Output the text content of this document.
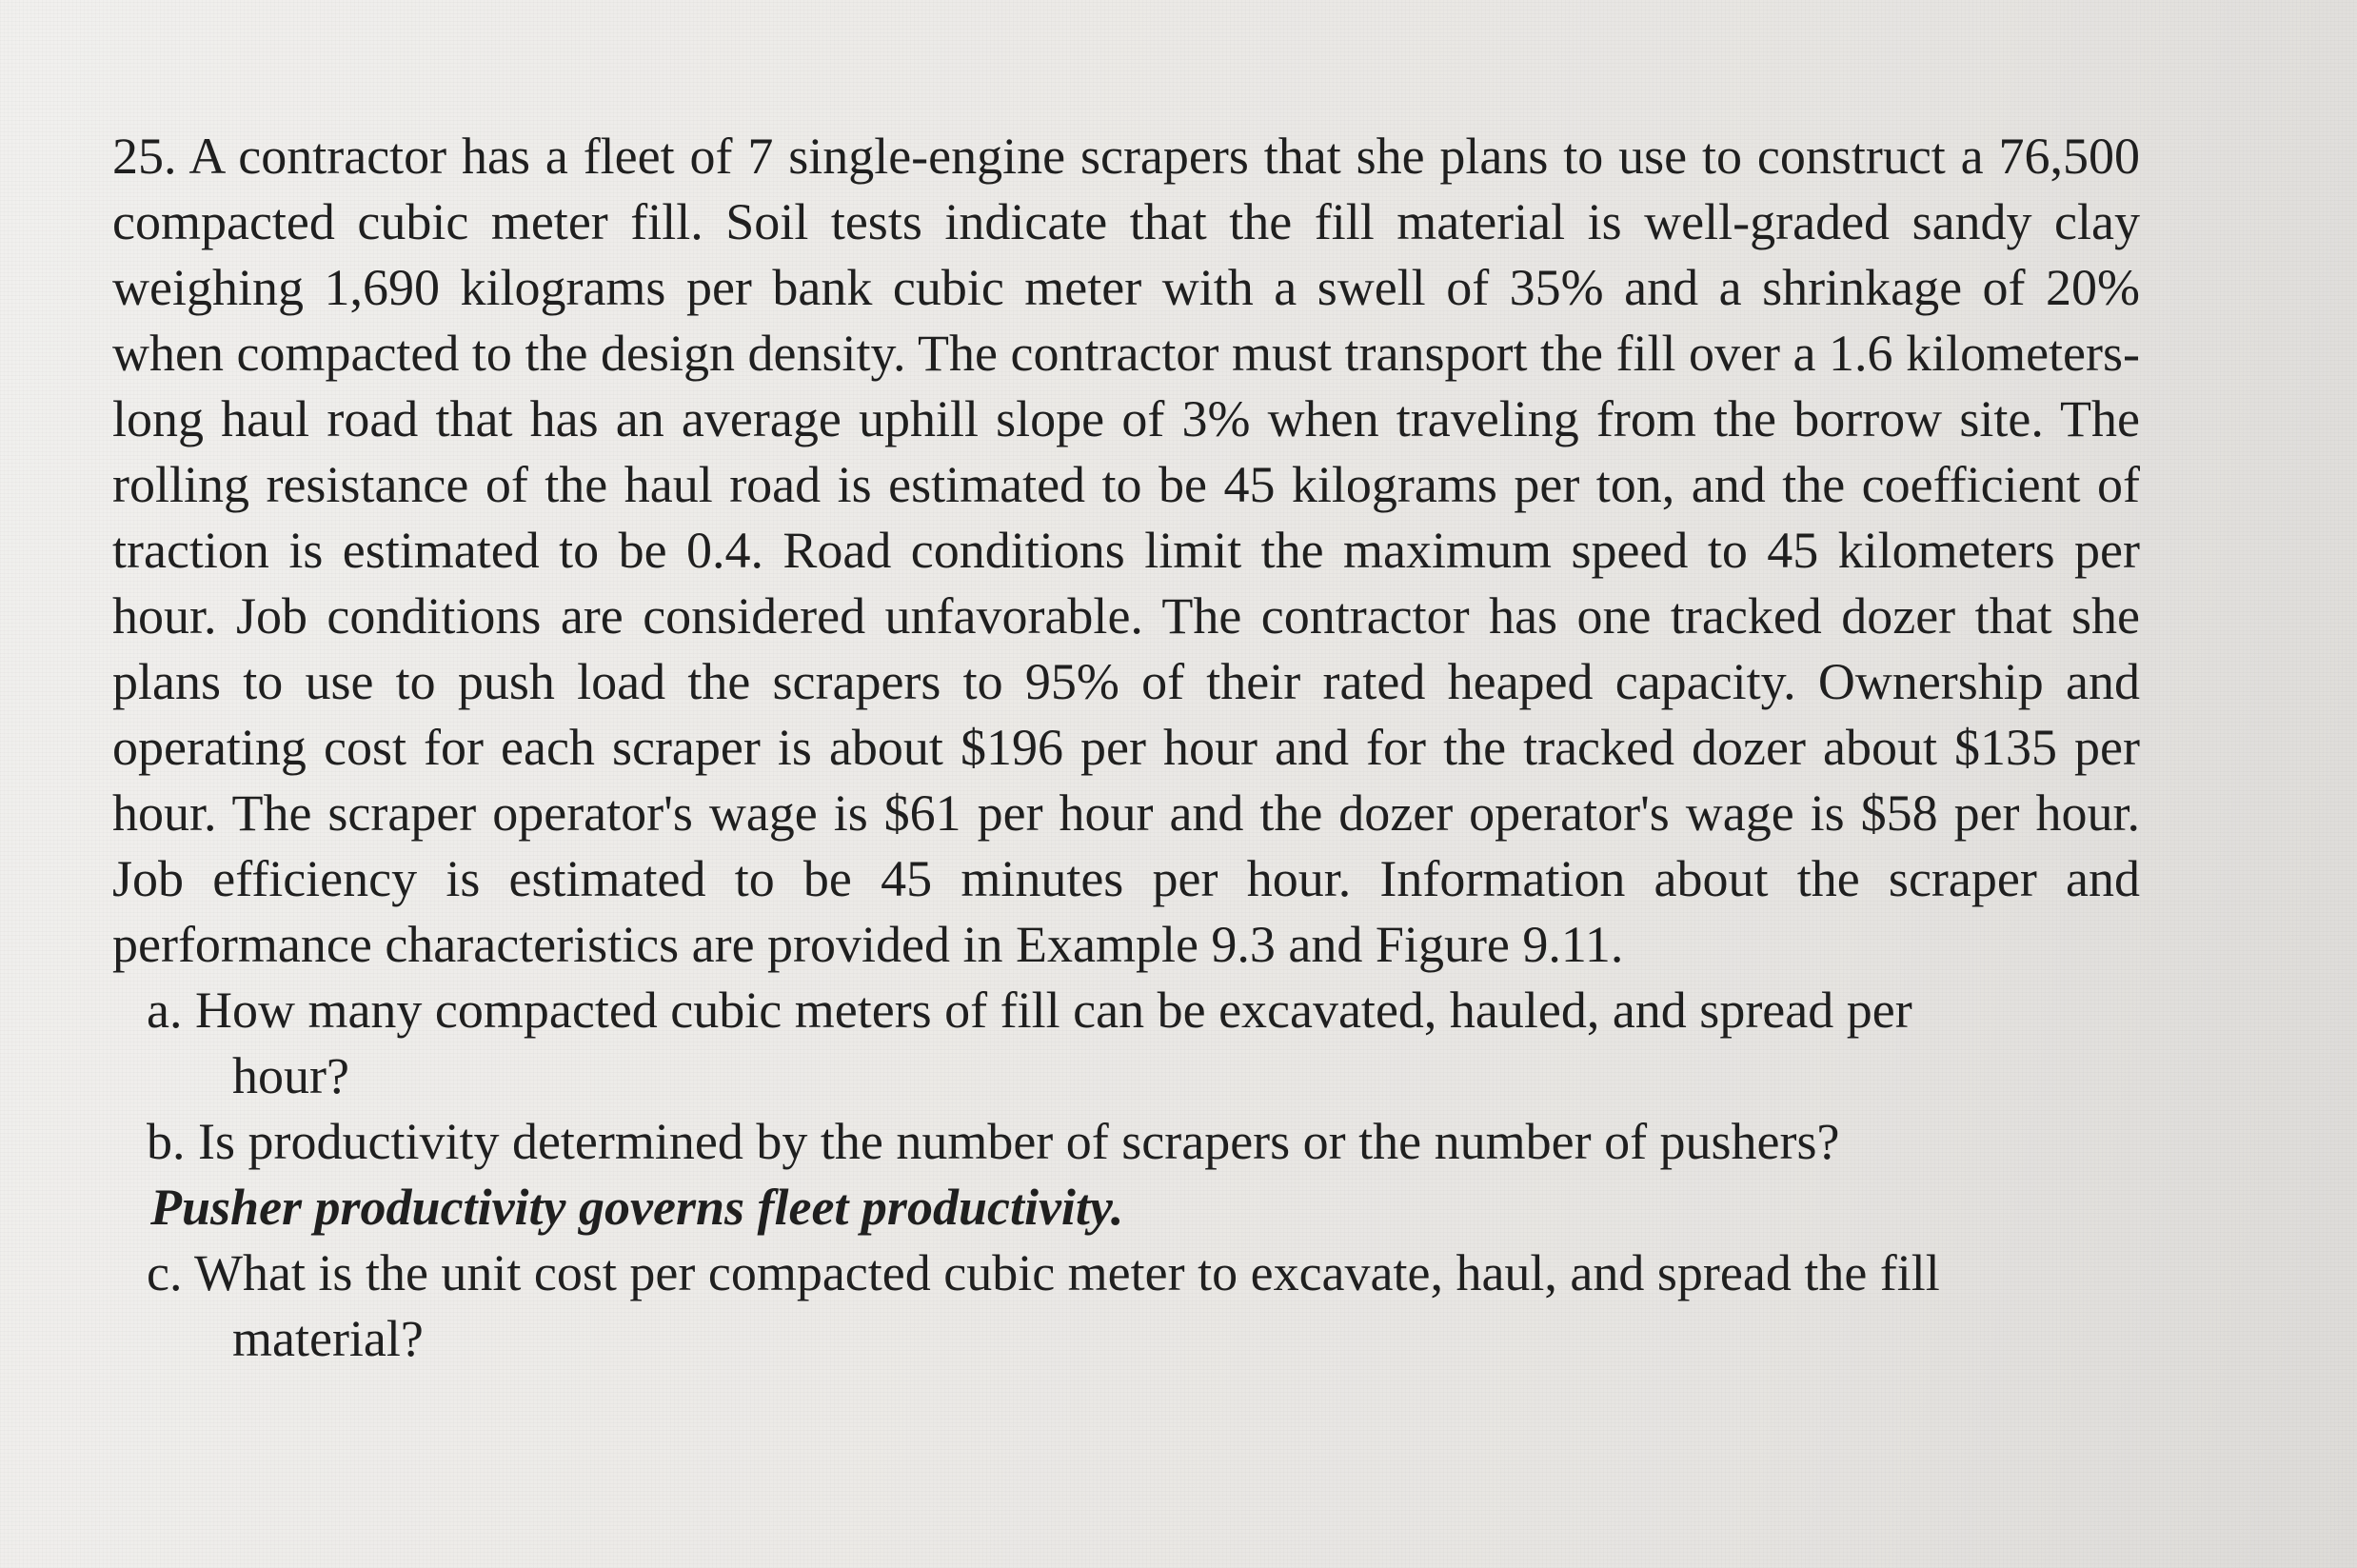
25. A contractor has a fleet of 7 single-engine scrapers that she plans to use to construct a 76,500 compacted cubic meter fill. Soil tests indicate that the fill material is well-graded sandy clay weighing 1,690 kilograms per bank cubic meter with a swell of 35% and a shrinkage of 20% when compacted to the design density. The contractor must transport the fill over a 1.6 kilometers-long haul road that has an average uphill slope of 3% when traveling from the borrow site. The rolling resistance of the haul road is estimated to be 45 kilograms per ton, and the coefficient of traction is estimated to be 0.4. Road conditions limit the maximum speed to 45 kilometers per hour. Job conditions are considered unfavorable. The contractor has one tracked dozer that she plans to use to push load the scrapers to 95% of their rated heaped capacity. Ownership and operating cost for each scraper is about $196 per hour and for the tracked dozer about $135 per hour. The scraper operator's wage is $61 per hour and the dozer operator's wage is $58 per hour. Job efficiency is estimated to be 45 minutes per hour. Information about the scraper and performance characteristics are provided in Example 9.3 and Figure 9.11.

a. How many compacted cubic meters of fill can be excavated, hauled, and spread per
hour?

b. Is productivity determined by the number of scrapers or the number of pushers?

Pusher productivity governs fleet productivity.

c. What is the unit cost per compacted cubic meter to excavate, haul, and spread the fill
material?
